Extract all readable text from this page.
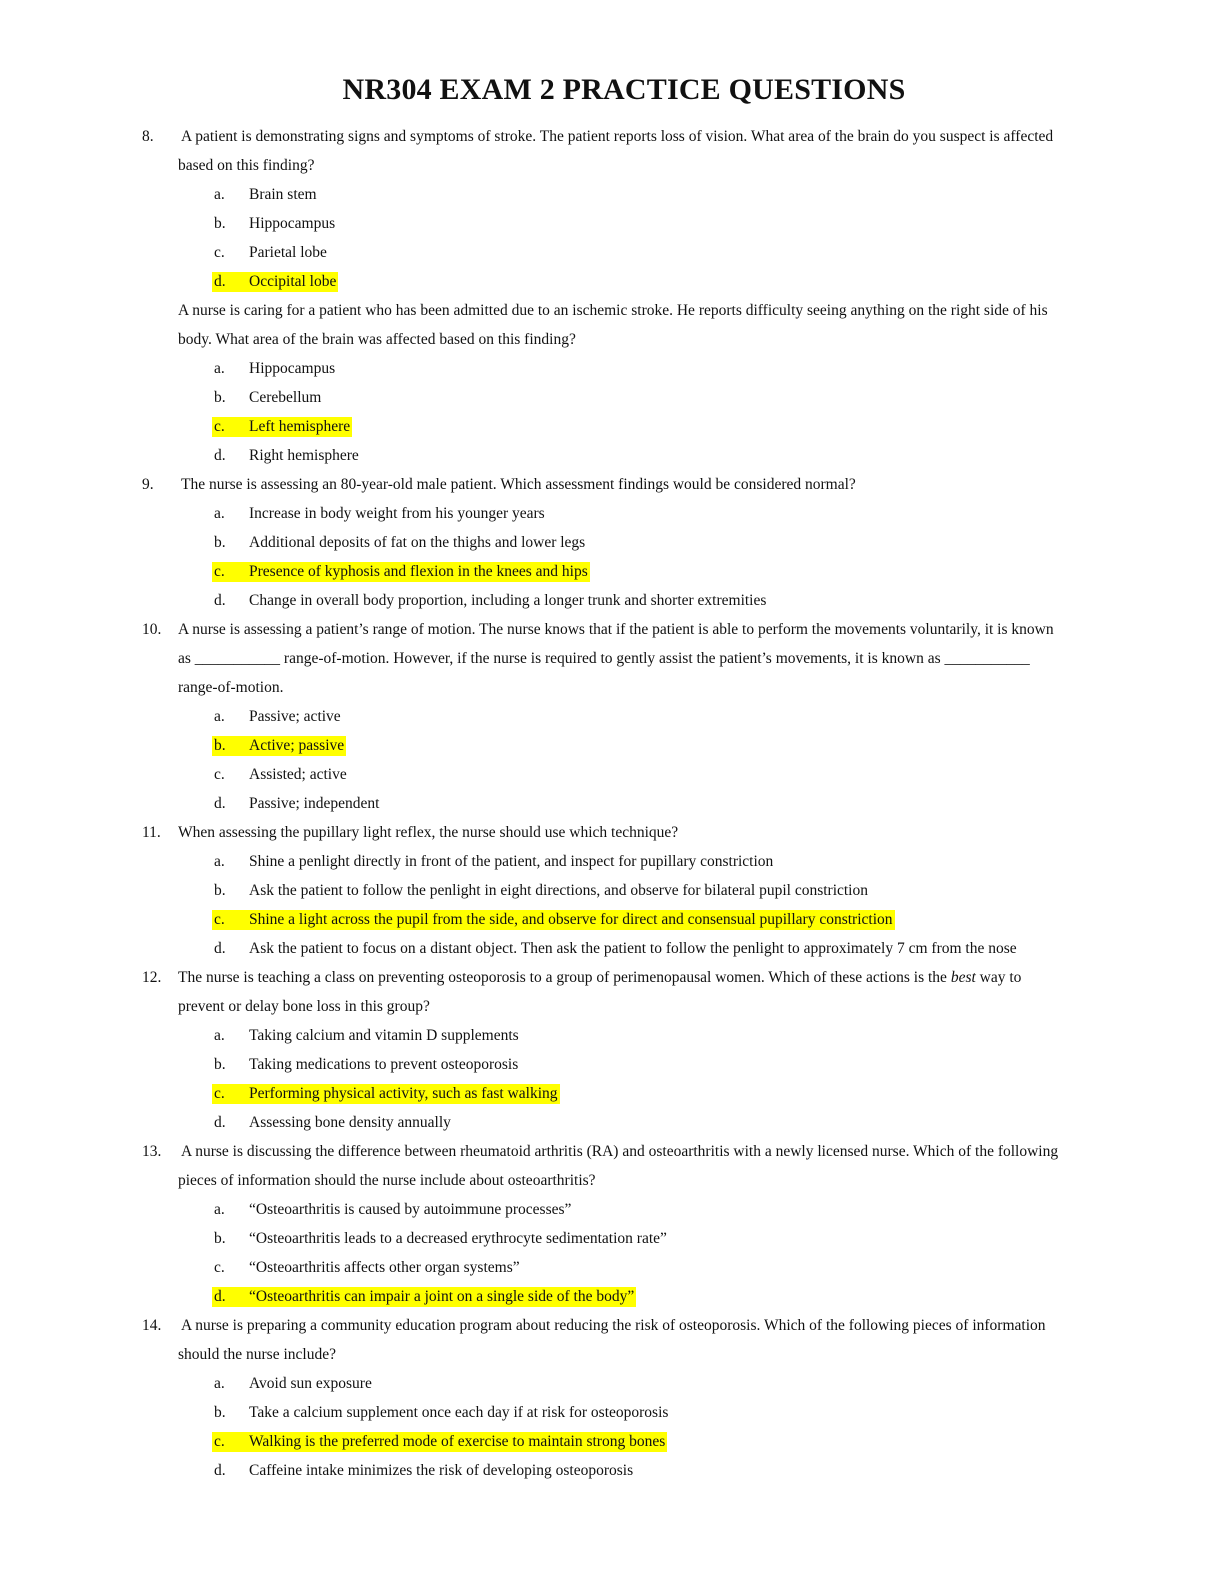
NR304 EXAM 2 PRACTICE QUESTIONS
8. A patient is demonstrating signs and symptoms of stroke. The patient reports loss of vision. What area of the brain do you suspect is affected
based on this finding?
a. Brain stem
b. Hippocampus
c. Parietal lobe
d. Occipital lobe
A nurse is caring for a patient who has been admitted due to an ischemic stroke. He reports difficulty seeing anything on the right side of his
body. What area of the brain was affected based on this finding?
a. Hippocampus
b. Cerebellum
c. Left hemisphere
d. Right hemisphere
9. The nurse is assessing an 80-year-old male patient. Which assessment findings would be considered normal?
a. Increase in body weight from his younger years
b. Additional deposits of fat on the thighs and lower legs
c. Presence of kyphosis and flexion in the knees and hips
d. Change in overall body proportion, including a longer trunk and shorter extremities
10. A nurse is assessing a patient’s range of motion. The nurse knows that if the patient is able to perform the movements voluntarily, it is known
as ___________ range-of-motion. However, if the nurse is required to gently assist the patient’s movements, it is known as ___________
range-of-motion.
a. Passive; active
b. Active; passive
c. Assisted; active
d. Passive; independent
11. When assessing the pupillary light reflex, the nurse should use which technique?
a. Shine a penlight directly in front of the patient, and inspect for pupillary constriction
b. Ask the patient to follow the penlight in eight directions, and observe for bilateral pupil constriction
c. Shine a light across the pupil from the side, and observe for direct and consensual pupillary constriction
d. Ask the patient to focus on a distant object. Then ask the patient to follow the penlight to approximately 7 cm from the nose
12. The nurse is teaching a class on preventing osteoporosis to a group of perimenopausal women. Which of these actions is the best way to
prevent or delay bone loss in this group?
a. Taking calcium and vitamin D supplements
b. Taking medications to prevent osteoporosis
c. Performing physical activity, such as fast walking
d. Assessing bone density annually
13. A nurse is discussing the difference between rheumatoid arthritis (RA) and osteoarthritis with a newly licensed nurse. Which of the following
pieces of information should the nurse include about osteoarthritis?
a. “Osteoarthritis is caused by autoimmune processes”
b. “Osteoarthritis leads to a decreased erythrocyte sedimentation rate”
c. “Osteoarthritis affects other organ systems”
d. “Osteoarthritis can impair a joint on a single side of the body”
14. A nurse is preparing a community education program about reducing the risk of osteoporosis. Which of the following pieces of information
should the nurse include?
a. Avoid sun exposure
b. Take a calcium supplement once each day if at risk for osteoporosis
c. Walking is the preferred mode of exercise to maintain strong bones
d. Caffeine intake minimizes the risk of developing osteoporosis
